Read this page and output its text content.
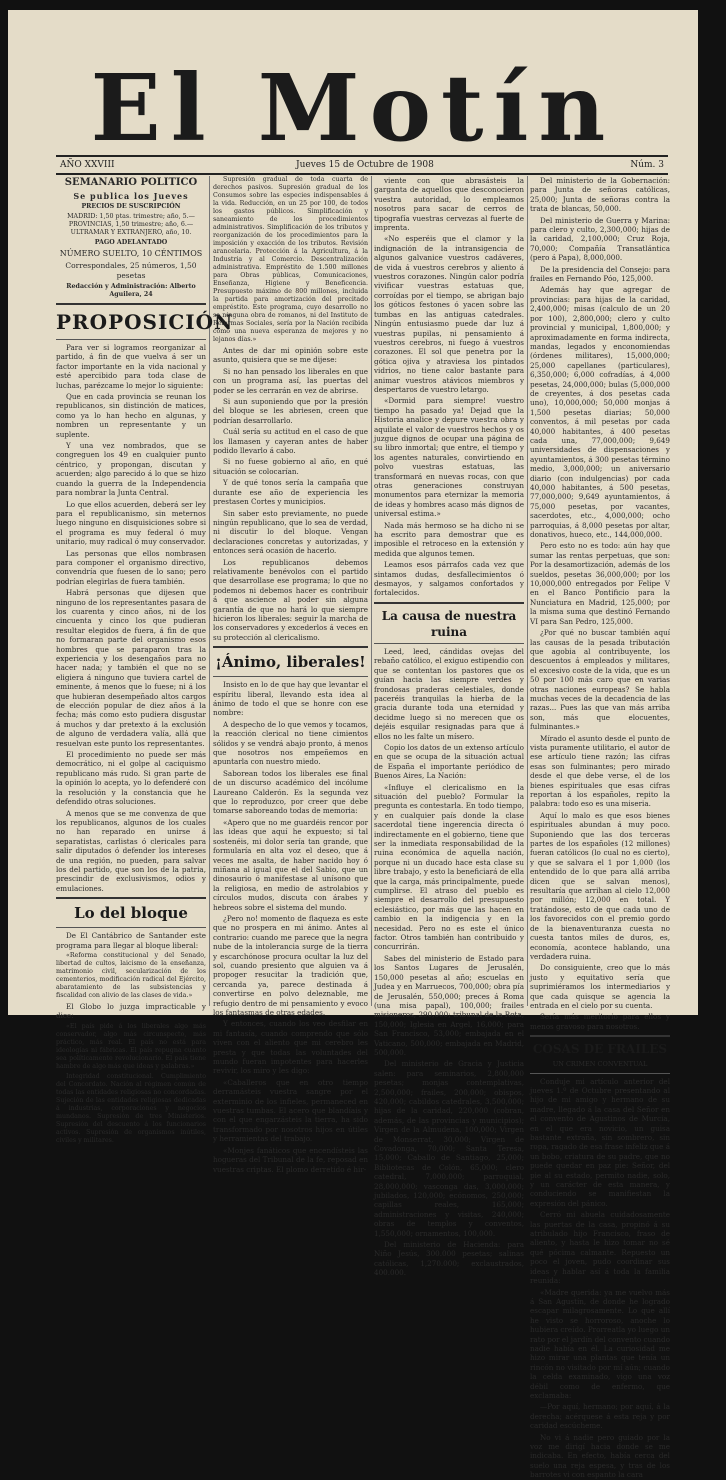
El Motín
AÑO XXVIII	Jueves 15 de Octubre de 1908	Núm. 3

SEMANARIO POLITICO

Se publica los Jueves

PRECIOS DE SUSCRIPCIÓN

MADRID: 1,50 ptas. trimestre; año, 5.—PROVINCIAS, 1,50 trimestre; año, 6.—ULTRAMAR Y EXTRANJERO, año, 10.

PAGO ADELANTADO

NÚMERO SUELTO, 10 CÉNTIMOS

Correspondales, 25 números, 1,50 pesetas

Redacción y Administración: Alberto Aguilera, 24

PROPOSICIÓN

Para ver si logramos reorganizar al partido, á fin de que vuelva á ser un factor importante en la vida nacional y esté apercibido para toda clase de luchas, parézcame lo mejor lo siguiente:

Que en cada provincia se reunan los republicanos, sin distinción de matices, como ya lo han hecho en algunas, y nombren un representante y un suplente.

Y una vez nombrados, que se congreguen los 49 en cualquier punto céntrico, y propongan, discutan y acuerden; algo parecido á lo que se hizo cuando la guerra de la Independencia para nombrar la Junta Central.

Lo que ellos acuerden, deberá ser ley para el republicanismo, sin meternos luego ninguno en disquisiciones sobre si el programa es muy federal ó muy unitario, muy radical ó muy conservador.

Las personas que ellos nombrasen para componer el organismo directivo, convendría que fuesen de lo sano; pero podrían elegirlas de fuera también.

Habrá personas que dijesen que ninguno de los representantes pasara de los cuarenta y cinco años, ni de los cincuenta y cinco los que pudieran resultar elegidos de fuera, á fin de que no formaran parte del organismo esos hombres que se paraparon tras la experiencia y los desengaños para no hacer nada; y también el que no se eligiera á ninguno que tuviera cartel de eminente, á menos que lo fuese; ni á los que hubieran desempeñado altos cargos de elección popular de diez años á la fecha; más como esto pudiera disgustar á muchos y dar pretexto á la exclusión de alguno de verdadera valía, allá que resuelvan este punto los representantes.

El procedimiento no puede ser más democrático, ni el golpe al caciquismo republicano más rudo. Si gran parte de la opinión lo acepta, yo lo defenderé con la resolución y la constancia que he defendido otras soluciones.

A menos que se me convenza de que los republicanos, algunos de los cuales no han reparado en unirse á separatistas, carlistas ó clericales para salir diputados ó defender los intereses de una región, no pueden, para salvar los del partido, que son los de la patria, prescindir de exclusivismos, odios y emulaciones.

Lo del bloque

De El Cantábrico de Santander este programa para llegar al bloque liberal:

«Reforma constitucional y del Senado, libertad de cultos, laicismo de la enseñanza, matrimonio civil, secularización de los cementerios, modificación radical del Ejército, abaratamiento de las subsistencias y fiscalidad con alivio de las clases de vida.»

El Globo lo juzga impracticable y dice:

«El país pide á los liberales algo más conservador, algo más circunspecto, más práctico, más real. El país no está para ideologías ni fábricas. El país repugna cuanto sea políticamente revolucionario. El país tiene hambre de algo más que ideas y palabras.»

Integridad constitucional. Cumplimiento del Concordato. Nación al régimen común de todas las entidades religiosas no concordadas. Sujeción de las entidades religiosas dedicadas á industrias, corporaciones y negocios mundanos. Supresión de tres Ministerios. Supresión del descuento á los funcionarios activos. Supresión de organismos inútiles, civiles y militares.

Supresión gradual de toda cuarta de derechos pasivos. Supresión gradual de los Consumos sobre las especies indispensables á la vida. Reducción, en un 25 por 100, de todos los gastos públicos. Simplificación y saneamiento de los procedimientos administrativos. Simplificación de los tributos y reorganización de los procedimientos para la imposición y exacción de los tributos. Revisión arancelaria. Protección á la Agricultura, á la Industria y al Comercio. Descentralización administrativa. Empréstito de 1.500 millones para Obras públicas, Comunicaciones, Enseñanza, Higiene y Beneficencia. Presupuesto máximo de 800 millones, incluida la partida para amortización del precitado empréstito. Este programa, cuyo desarrollo no se ninguna obra de romanos, ni del Instituto de Reformas Sociales, sería por la Nación recibida como una nueva esperanza de mejores y no lejanos días.»

Antes de dar mi opinión sobre este asunto, quisiera que se me dijese:

Si no han pensado los liberales en que con un programa así, las puertas del poder se les cerrarán en vez de abrirse.

Si aun suponiendo que por la presión del bloque se les abriesen, creen que podrían desarrollarlo.

Cuál sería su actitud en el caso de que los llamasen y cayeran antes de haber podido llevarlo á cabo.

Si no fuese gobierno al año, en qué situación se colocarían.

Y de qué tonos sería la campaña que durante ese año de experiencia les prestasen Cortes y municipios.

Sin saber esto previamente, no puede ningún republicano, que lo sea de verdad, ni discutir lo del bloque. Vengan declaraciones concretas y autorizadas, y entonces será ocasión de hacerlo.

Los republicanos debemos relativamente benévolos con el partido que desarrollase ese programa; lo que no podemos ni debemos hacer es contribuir á que ascience al poder sin alguna garantía de que no hará lo que siempre hicieron los liberales: seguir la marcha de los conservadores y excederlos á veces en su protección al clericalismo.

¡Ánimo, liberales!

Insisto en lo de que hay que levantar el espíritu liberal, llevando esta idea al ánimo de todo el que se honre con ese nombre:

A despecho de lo que vemos y tocamos, la reacción clerical no tiene cimientos sólidos y se vendrá abajo pronto, á menos que nosotros nos empeñemos en apuntarla con nuestro miedo.

Saborean todos los liberales ese final de un discurso académico del incólume Laureano Calderón. Es la segunda vez que lo reproduzco, por creer que debe tomarse saboreando todas de memoria:

«Apero que no me guardéis rencor por las ideas que aquí he expuesto; si tal sostenéis, mi dolor sería tan grande, que formularía en alta voz el deseo, que á veces me asalta, de haber nacido hoy ó miñana al igual que el del Sabio, que un dinosaurio ó manifestase al unísono que la religiosa, en medio de astrolabios y círculos mudos, discuta con árabes y hebreos sobre el sistema del mundo.

¿Pero no! momento de flaqueza es este que no prospera en mi ánimo. Antes al contrario: cuando me parece que la negra nube de la intolerancia surge de la tierra y escarchónose procura ocultar la luz del sol, cuando presiento que alguien va á propoger resucitar la tradición que, cercanda ya, parece destinada á convertirse en polvo deleznable, me refugio dentro de mi pensamiento y evoco los fantasmas de otras edades.

Y entonces, cuando los veo desfilar en mi fantasía, cuando comprendo que sólo viven con el aliento que mi cerebro les presta y que todas las voluntades del mundo fueran impotentes para hacerles revivir, los miro y les digo:

«Caballeros que en otro tiempo derramásteis vuestra sangre por el exterminio de los infieles, permaneced en vuestras tumbas. El acero que blandíais y con el que engarzásteis la tierra, ha sido transformado por nosotros hijos en útiles y herramientas del trabajo.

«Monjes fanáticos que encendísteis las hogueras del Tribunal de la fe, reposad en vuestras criptas. El plomo derretido é hir-

viente con que abrasásteis la garganta de aquellos que desconocieron vuestra autoridad, lo empleamos nosotros para sacar de cerros de tipografía vuestras cervezas al fuerte de imprenta.

«No esperéis que el clamor y la indignación de la intransigencia de algunos galvanice vuestros cadáveres, de vida á vuestros cerebros y aliento á vuestros corazones. Ningún calor podría vivificar vuestras estatuas que, corroídas por el tiempo, se abrigan bajo los góticos festones ó yacen sobre las tumbas en las antiguas catedrales. Ningún entusiasmo puede dar luz á vuestras pupilas, ni pensamiento á vuestros cerebros, ni fuego á vuestros corazones. El sol que penetra por la gótica ojiva y atraviesa los pintados vidrios, no tiene calor bastante para animar vuestros atávicos miembros y despertaros de vuestro letargo.

«Dormid para siempre! vuestro tiempo ha pasado ya! Dejad que la Historia analice y depure vuestra obra y aquilate el valor de vuestros hechos y os juzgue dignos de ocupar una página de su libro inmortal; que entre, el tiempo y los agentes naturales, convirtiendo en polvo vuestras estatuas, las transformará en nuevas rocas, con que otras generaciones construyan monumentos para eternizar la memoria de ideas y hombres acaso más dignos de universal estima.»

Nada más hermoso se ha dicho ni se ha escrito para demostrar que es imposible el retroceso en la extensión y medida que algunos temen.

Leamos esos párrafos cada vez que sintamos dudas, desfallecimientos ó desmayos, y salgamos confortados y fortalecidos.

La causa de nuestra ruina

Leed, leed, cándidas ovejas del rebaño católico, el exiguo estipendio con que se contentan los pastores que os guían hacia las siempre verdes y frondosas praderas celestiales, donde paceréis tranquilas la hierba de la gracia durante toda una eternidad y decidme luego si no merecen que os dejéis esquilar resignadas para que á ellos no les falte un mísero.

Copio los datos de un extenso artículo en que se ocupa de la situación actual de España el importante periódico de Buenos Aires, La Nación:

«Influye el clericalismo en la situación del pueblo? Formular la pregunta es contestarla. En todo tiempo, y en cualquier país donde la clase sacerdotal tiene ingerencia directa ó indirectamente en el gobierno, tiene que ser la inmediata responsabilidad de la ruina económica de aquella nación, porque ni un ducado hace esta clase su libre trabajo, y esto la beneficiará de ella que la carga, más principalmente, puede cumplirse. El atraso del pueblo es siempre el desarrollo del presupuesto eclesiástico, por más que las hacen en cambio en la indigencia y en la necesidad. Pero no es este el único factor. Otros también han contribuido y concurrirán.

Sabes del ministerio de Estado para los Santos Lugares de Jerusalén, 150,000 pesetas al año; escuelas en Judea y en Marruecos, 700,000; obra pía de Jerusalén, 550,000; preces á Roma (una misa papal), 100,000; frailes misioneros, 290,000; tribunal de la Rota, 150,000; Iglesia en Argel, 16,000; para San Francisco, 53,000; embajada en el Vaticano, 500,000; embajada en Madrid, 500,000.

Del ministerio de Gracia y Justicia salen: para seminarios, 2,800,000 pesetas; monjas contemplativas, 2,500,000; frailes, 200,000; obispos, 420,000; cabildos catedrales, 3,500,000; hijas de la caridad, 220,000 (cobran, además, de las provincias y municipios); Virgen de la Almudena, 100,000; Virgen de Monserrat, 30,000; Virgen de Covadonga, 70,000; Santa Teresa, 15,000; Caballo de Santiago, 25,000; Bibliotecas de Colón, 65,000; clero catedral, 7,000,000; parroquial, 28,000,000; vasconga das, 3,000,000; jubilados, 120,000; ecónomos, 250,000; capillas reales, 165,000; administraciones y visitas, 240,000; obras de templos y conventos, 1,550,000; ornamentos, 100,000.

Del ministerio de Hacienda: para Niño Jesús, 300.000 pesetas; salinas católicas, 1,270.000; exclaustrados, 400.000.

Del ministerio de la Gobernación: para Junta de señoras católicas, 25,000; Junta de señoras contra la trata de blancas, 50,000.

Del ministerio de Guerra y Marina: para clero y culto, 2,300,000; hijas de la caridad, 2,100,000; Cruz Roja, 70,000; Compañía Transatlántica (pero á Papa), 8,000,000.

De la presidencia del Consejo: para frailes en Fernando Póo, 125,000.

Además hay que agregar de provincias: para hijas de la caridad, 2,400,000; misas (calculo de un 20 por 100), 2,800,000; clero y culto provincial y municipal, 1,800,000; y aproximadamente en forma indirecta, mandas, legados y enconomiendas (órdenes militares), 15,000,000; 25,000 capellanes (particulares), 6,350,000; 6,000 cofradías, á 4,000 pesetas, 24,000,000; bulas (5,000,000 de creyentes, á dos pesetas cada uno), 10,000,000; 50,000 monjas á 1,500 pesetas diarias; 50,000 conventos, á mil pesetas por cada 40,000 habitantes, á 400 pesetas cada una, 77,000,000; 9,649 universidades de dispensaciones y ayuntamientos, á 300 pesetas término medio, 3,000,000; un aniversario diario (con indulgencias) por cada 40,000 habitantes, á 500 pesetas, 77,000,000; 9,649 ayuntamientos, á 75,000 pesetas, por vacantes, sacerdotes, etc., 4,000,000; ocho parroquias, á 8,000 pesetas por altar, donativos, hueco, etc., 144,000,000.

Pero esto no es todo: aún hay que sumar las rentas perpetuas, que son: Por la desamortización, además de los sueldos, pesetas 36,000,000; por los 10,000,000 entregados por Felipe V en el Banco Pontificio para la Nunciatura en Madrid, 125,000; por la misma suma que destinó Fernando VI para San Pedro, 125,000.

¿Por qué no buscar también aquí las causas de la pesada tributación que agobia al contribuyente, los descuentos á empleados y militares, el excesivo coste de la vida, que es un 50 por 100 más caro que en varias otras naciones europeas? Se habla muchas veces de la decadencia de las razas... Pues las que van más arriba son, más que elocuentes, fulminantes.»

Mírado el asunto desde el punto de vista puramente utilitario, el autor de ese artículo tiene razón; las cifras esas son fulminantes; pero mirado desde el que debe verse, el de los bienes espirituales que esas cifras reportan á los españoles, repito la palabra: todo eso es una miseria.

Aquí lo malo es que esos bienes espirituales abundan á muy poco. Suponiendo que las dos terceras partes de los españoles (12 millones) fueran católicos (lo cual no es cierto), y que se salvara el 1 por 1,000 (los entendido de lo que para allá arriba dicen que se salvan menos), resultaría que arrihan al cielo 12,000 por millón; 12,000 en total. Y tratándose, esto de que cada uno de los favorecidos con el premio gordo de la bienaventuranza cuesta no cuesta tantos miles de duros, es, economía, acontece hablando, una verdadera ruina.

Do consiguiente, creo que lo más justo y equitativo sería que suprimiéramos los intermediarios y que cada quisque se agencia la entrada en el cielo por su cuenta.

Sería más meritorio para ellos y menos gravoso para nosotros.

COSAS DE FRAILES

UN CRIMEN CONVENTUAL

Conduje mi artículo anterior del jueves 1.º de Octubre presentando al hijo de mi amigo y hermano de su madre, llegado á la casa del Señor en el convento de Agustinos de Murcia, en el que era novicio, un guisa bastante extraña, sin sombrero, sin ropa, ragado de esa frase infeliz que á un bobo, criatura de su padre, que no puede quedar en paz pie: Señor, del pie al su estado, permito nadie, solo, y un carácter de esta manera, y conduciendo se manifiestan la expresión del pánico.

Cerró mi abuela cuidadosamente las puertas de la casa, propinó á su atribulado hijo Francisco, fraso de aliento, y hasta le hizo tomar no sé qué pócima calmante. Repuesto un poco el joven, pudo coordinar sus ideas y hablar así á toda la familia reunida:

«Madre querida: ya me vuelvo más á San Agustín, de donde he logrado escapar milagrosamente. Lo que allí he visto se horroroso, anoche lo hubiera creído. Prorreatla yo luego un rato por el jardín del convento cuando nadie había en él. La curiosidad me hizo mirar una plantas que tenía un rincón no visitado por mí aún; cuando la celda examinado, vigo una voz débil como de enfermo, que exclamaba:

—Por aquí, hermano; por aquí, á la derecha; acérquese á esta reja y por caridad escúcheme.

No vi á nadie pero guiado por la voz me dirigí hacia donde se me indicaba. En efecto, había cerca del suelo una reja espesa, y tras de los barrotes vi con espanto la cara
